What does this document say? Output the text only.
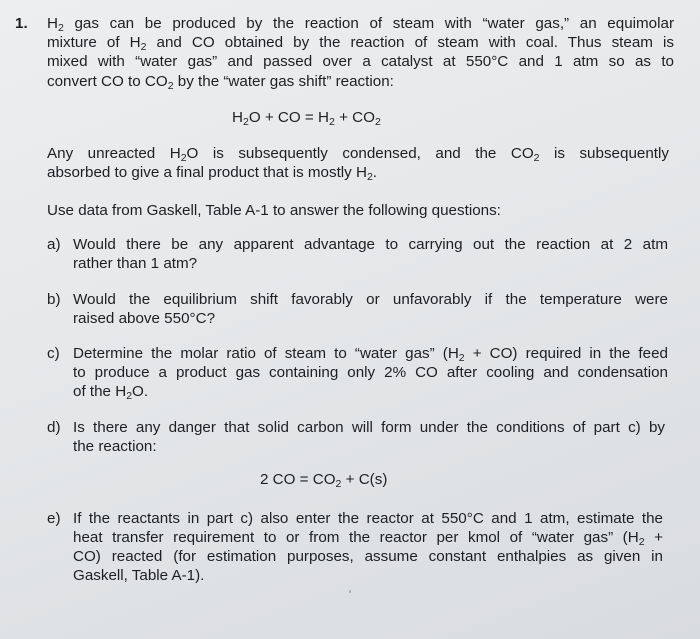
1. $H_2$ gas can be produced by the reaction of steam with “water gas,” an equimolar
mixture of $H_2$ and CO obtained by the reaction of steam with coal. Thus steam is
mixed with “water gas” and passed over a catalyst at 550°C and 1 atm so as to
convert CO to $CO_2$ by the “water gas shift” reaction:
$H_2O$ + CO = $H_2 + CO_2$
Any unreacted $H_2O$ is subsequently condensed, and the $CO_2$ is subsequently
absorbed to give a final product that is mostly $H_2$.
Use data from Gaskell, Table A-1 to answer the following questions:
a) Would there be any apparent advantage to carrying out the reaction at 2 atm
rather than 1 atm?
b) Would the equilibrium shift favorably or unfavorably if the temperature were
raised above 550°C?
c) Determine the molar ratio of steam to “water gas” $(H_2 + CO)$ required in the feed
to produce a product gas containing only 2% CO after cooling and condensation
of the $H_2O$.
d) Is there any danger that solid carbon will form under the conditions of part c) by
the reaction:
2 CO = $CO_2 + C(s)$
e) If the reactants in part c) also enter the reactor at 550°C and 1 atm, estimate the
heat transfer requirement to or from the reactor per kmol of “water gas” ($H_2$ +
CO) reacted (for estimation purposes, assume constant enthalpies as given in
Gaskell, Table A-1).
